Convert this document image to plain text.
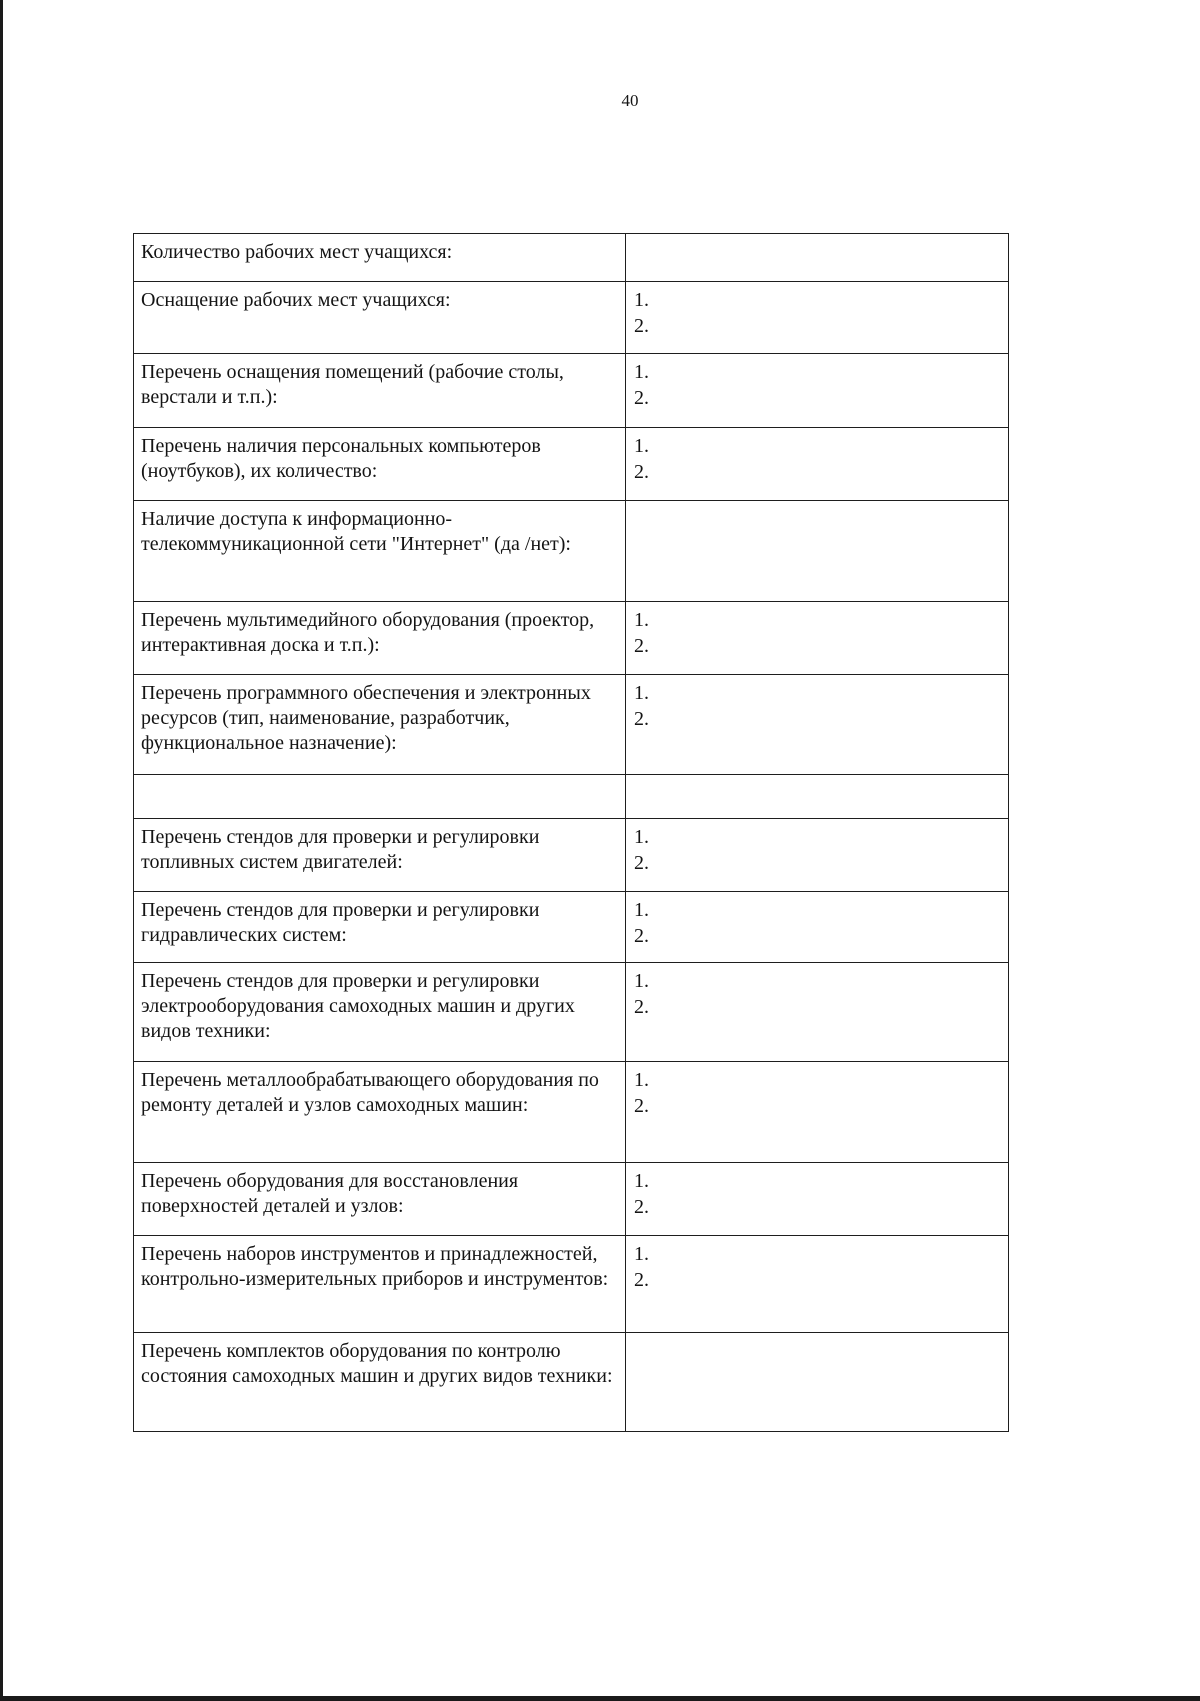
40
Количество рабочих мест учащихся:	
Оснащение рабочих мест учащихся:	1.
2.

Перечень оснащения помещений (рабочие столы, верстали и т.п.):	1.
2.

Перечень наличия персональных компьютеров (ноутбуков), их количество:	1.
2.

Наличие доступа к информационно-телекоммуникационной сети "Интернет" (да /нет):	
Перечень мультимедийного оборудования (проектор, интерактивная доска и т.п.):	1.
2.

Перечень программного обеспечения и электронных ресурсов (тип, наименование, разработчик, функциональное назначение):	1.
2.

Перечень стендов для проверки и регулировки топливных систем двигателей:	1.
2.

Перечень стендов для проверки и регулировки гидравлических систем:	1.
2.

Перечень стендов для проверки и регулировки электрооборудования самоходных машин и других видов техники:	1.
2.

Перечень металлообрабатывающего оборудования по ремонту деталей и узлов самоходных машин:	1.
2.

Перечень оборудования для восстановления поверхностей деталей и узлов:	1.
2.

Перечень наборов инструментов и принадлежностей, контрольно-измерительных приборов и инструментов:	1.
2.

Перечень комплектов оборудования по контролю состояния самоходных машин и других видов техники:	
